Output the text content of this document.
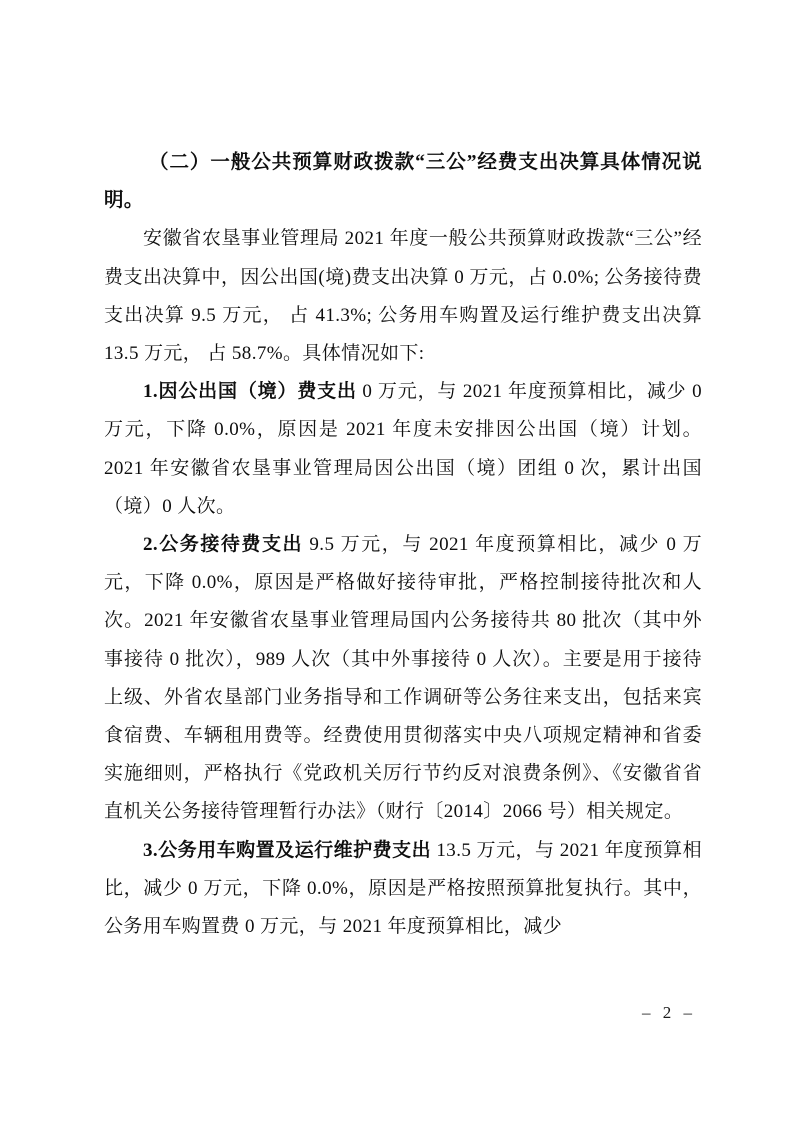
（二）一般公共预算财政拨款“三公”经费支出决算具体情况说明。

安徽省农垦事业管理局 2021 年度一般公共预算财政拨款“三公”经费支出决算中，因公出国(境)费支出决算 0 万元，占 0.0%; 公务接待费支出决算 9.5 万元， 占 41.3%; 公务用车购置及运行维护费支出决算 13.5 万元， 占 58.7%。具体情况如下:

1.因公出国（境）费支出 0 万元，与 2021 年度预算相比，减少 0 万元，下降 0.0%，原因是 2021 年度未安排因公出国（境）计划。2021 年安徽省农垦事业管理局因公出国（境）团组 0 次，累计出国（境）0 人次。

2.公务接待费支出 9.5 万元，与 2021 年度预算相比，减少 0 万元，下降 0.0%，原因是严格做好接待审批，严格控制接待批次和人次。2021 年安徽省农垦事业管理局国内公务接待共 80 批次（其中外事接待 0 批次），989 人次（其中外事接待 0 人次）。主要是用于接待上级、外省农垦部门业务指导和工作调研等公务往来支出，包括来宾食宿费、车辆租用费等。经费使用贯彻落实中央八项规定精神和省委实施细则，严格执行《党政机关厉行节约反对浪费条例》、《安徽省省直机关公务接待管理暂行办法》（财行〔2014〕2066 号）相关规定。

3.公务用车购置及运行维护费支出 13.5 万元，与 2021 年度预算相比，减少 0 万元，下降 0.0%，原因是严格按照预算批复执行。其中，公务用车购置费 0 万元，与 2021 年度预算相比，减少

– 2 –
